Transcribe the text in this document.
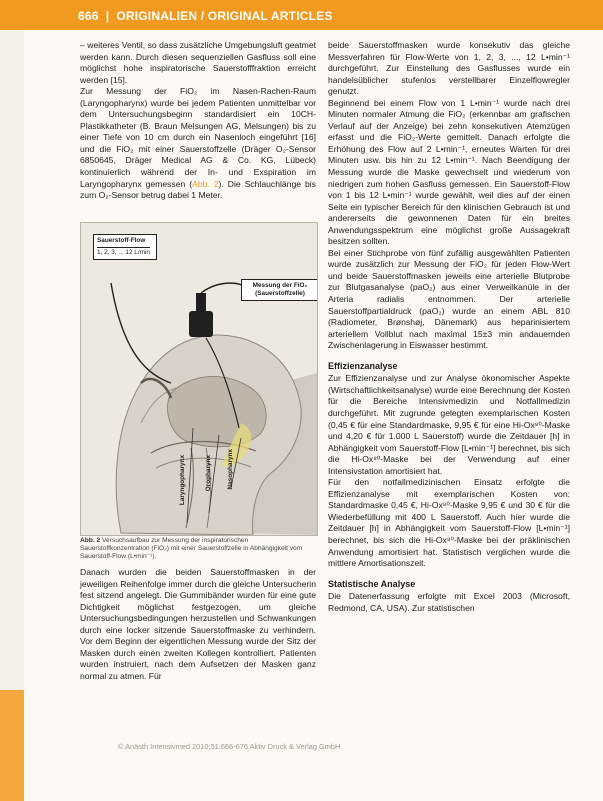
666  |  ORIGINALIEN / ORIGINAL ARTICLES

– weiteres Ventil, so dass zusätzliche Umgebungsluft geatmet werden kann. Durch diesen sequenziellen Gasfluss soll eine möglichst hohe inspiratorische Sauerstofffraktion erreicht werden [15].

Zur Messung der FiO₂ im Nasen-Rachen-Raum (Laryngopharynx) wurde bei jedem Patienten unmittelbar vor dem Untersuchungsbeginn standardisiert ein 10CH-Plastikkatheter (B. Braun Melsungen AG, Melsungen) bis zu einer Tiefe von 10 cm durch ein Nasenloch eingeführt [16] und die FiO₂ mit einer Sauerstoffzelle (Dräger O₂-Sensor 6850645, Dräger Medical AG & Co. KG, Lübeck) kontinuierlich während der In- und Exspiration im Laryngopharynx gemessen (Abb. 2). Die Schlauchlänge bis zum O₂-Sensor betrug dabei 1 Meter.

Sauerstoff-Flow
1, 2, 3, ... 12 L/min
Messung der FiO₂ (Sauerstoffzelle)
Laryngopharynx	Oropharynx Nasopharynx
Abb. 2 Versuchsaufbau zur Messung der inspiratorischen Sauerstoffkonzentration (FiO₂) mit einer Sauerstoffzelle in Abhängigkeit vom Sauerstoff-Flow (L•min⁻¹).

Danach wurden die beiden Sauerstoffmasken in der jeweiligen Reihenfolge immer durch die gleiche Untersucherin fest sitzend angelegt. Die Gummibänder wurden für eine gute Dichtigkeit möglichst festgezogen, um gleiche Untersuchungsbedingungen herzustellen und Schwankungen durch eine locker sitzende Sauerstoffmaske zu verhindern. Vor dem Beginn der eigentlichen Messung wurde der Sitz der Masken durch einen zweiten Kollegen kontrolliert. Patienten wurden instruiert, nach dem Aufsetzen der Masken ganz normal zu atmen. Für

beide Sauerstoffmasken wurde konsekutiv das gleiche Messverfahren für Flow-Werte von 1, 2, 3, ..., 12 L•min⁻¹ durchgeführt. Zur Einstellung des Gasflusses wurde ein handelsüblicher stufenlos verstellbarer Einzelflowregler genutzt.

Beginnend bei einem Flow von 1 L•min⁻¹ wurde nach drei Minuten normaler Atmung die FiO₂ (erkennbar am grafischen Verlauf auf der Anzeige) bei zehn konsekutiven Atemzügen erfasst und die FiO₂-Werte gemittelt. Danach erfolgte die Erhöhung des Flow auf 2 L•min⁻¹, erneutes Warten für drei Minuten usw. bis hin zu 12 L•min⁻¹. Nach Beendigung der Messung wurde die Maske gewechselt und wiederum von niedrigen zum hohen Gasfluss gemessen. Ein Sauerstoff-Flow von 1 bis 12 L•min⁻¹ wurde gewählt, weil dies auf der einen Seite ein typischer Bereich für den klinischen Gebrauch ist und andererseits die gewonnenen Daten für ein breites Anwendungsspektrum eine möglichst große Aussagekraft besitzen sollten.

Bei einer Stichprobe von fünf zufällig ausgewählten Patienten wurde zusätzlich zur Messung der FiO₂ für jeden Flow-Wert und beide Sauerstoffmasken jeweils eine arterielle Blutprobe zur Blutgasanalyse (paO₂) aus einer Verweilkanüle in der Arteria radialis entnommen. Der arterielle Sauerstoffpartialdruck (paO₂) wurde an einem ABL 810 (Radiometer, Brønshøj, Dänemark) aus heparinisiertem arteriellem Vollblut nach maximal 15±3 min andauernden Zwischenlagerung in Eiswasser bestimmt.

Effizienzanalyse

Zur Effizienzanalyse und zur Analyse ökonomischer Aspekte (Wirtschaftlichkeitsanalyse) wurde eine Berechnung der Kosten für die Bereiche Intensivmedizin und Notfallmedizin durchgeführt. Mit zugrunde gelegten exemplarischen Kosten (0,45 € für eine Standardmaske, 9,95 € für eine Hi-Ox⁸⁰-Maske und 4,20 € für 1.000 L Sauerstoff) wurde die Zeitdauer [h] in Abhängigkeit vom Sauerstoff-Flow [L•min⁻¹] berechnet, bis sich die Hi-Ox⁸⁰-Maske bei der Verwendung auf einer Intensivstation amortisiert hat.

Für den notfallmedizinischen Einsatz erfolgte die Effizienzanalyse mit exemplarischen Kosten von: Standardmaske 0,45 €, Hi-Ox⁸⁰-Maske 9,95 € und 30 € für die Wiederbefüllung mit 400 L Sauerstoff. Auch hier wurde die Zeitdauer [h] in Abhängigkeit vom Sauerstoff-Flow [L•min⁻¹] berechnet, bis sich die Hi-Ox⁸⁰-Maske bei der präklinischen Anwendung amortisiert hat. Statistisch verglichen wurde die mittlere Amortisationszeit.

Statistische Analyse

Die Datenerfassung erfolgte mit Excel 2003 (Microsoft, Redmond, CA, USA). Zur statistischen

© Anästh Intensivmed 2010;51:666-676 Aktiv Druck & Verlag GmbH
